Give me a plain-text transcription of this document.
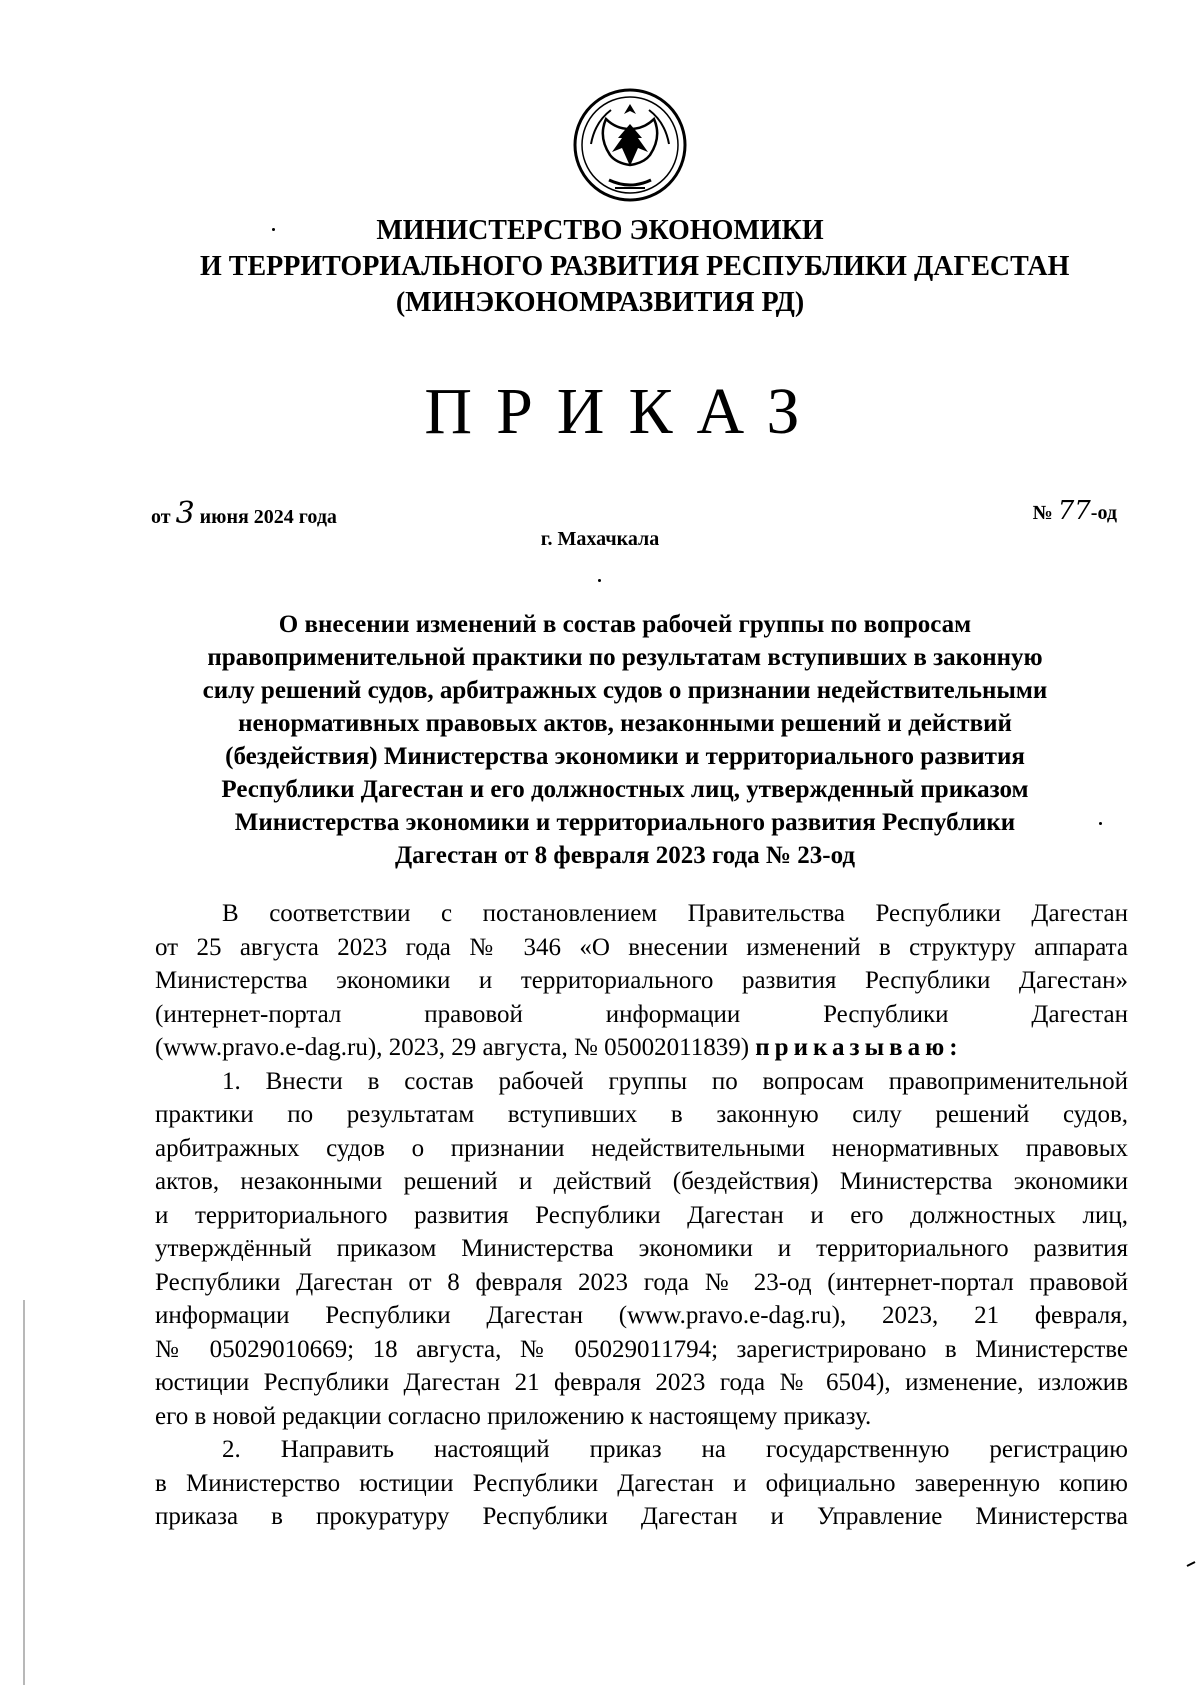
МИНИСТЕРСТВО ЭКОНОМИКИ
И ТЕРРИТОРИАЛЬНОГО РАЗВИТИЯ РЕСПУБЛИКИ ДАГЕСТАН
(МИНЭКОНОМРАЗВИТИЯ РД)
ПРИКАЗ
от 3 июня 2024 года	№ 77-од
г. Махачкала
О внесении изменений в состав рабочей группы по вопросам
правоприменительной практики по результатам вступивших в законную
силу решений судов, арбитражных судов о признании недействительными
ненормативных правовых актов, незаконными решений и действий
(бездействия) Министерства экономики и территориального развития
Республики Дагестан и его должностных лиц, утвержденный приказом
Министерства экономики и территориального развития Республики
Дагестан от 8 февраля 2023 года № 23-од
В соответствии с постановлением Правительства Республики Дагестан
от 25 августа 2023 года № 346 «О внесении изменений в структуру аппарата
Министерства экономики и территориального развития Республики Дагестан»
(интернет-портал правовой информации Республики Дагестан
(www.pravo.e-dag.ru), 2023, 29 августа, № 05002011839) приказываю:
1. Внести в состав рабочей группы по вопросам правоприменительной
практики по результатам вступивших в законную силу решений судов,
арбитражных судов о признании недействительными ненормативных правовых
актов, незаконными решений и действий (бездействия) Министерства экономики
и территориального развития Республики Дагестан и его должностных лиц,
утверждённый приказом Министерства экономики и территориального развития
Республики Дагестан от 8 февраля 2023 года № 23-од (интернет-портал правовой
информации Республики Дагестан (www.pravo.e-dag.ru), 2023, 21 февраля,
№ 05029010669; 18 августа, № 05029011794; зарегистрировано в Министерстве
юстиции Республики Дагестан 21 февраля 2023 года № 6504), изменение, изложив
его в новой редакции согласно приложению к настоящему приказу.
2. Направить настоящий приказ на государственную регистрацию
в Министерство юстиции Республики Дагестан и официально заверенную копию
приказа в прокуратуру Республики Дагестан и Управление Министерства
